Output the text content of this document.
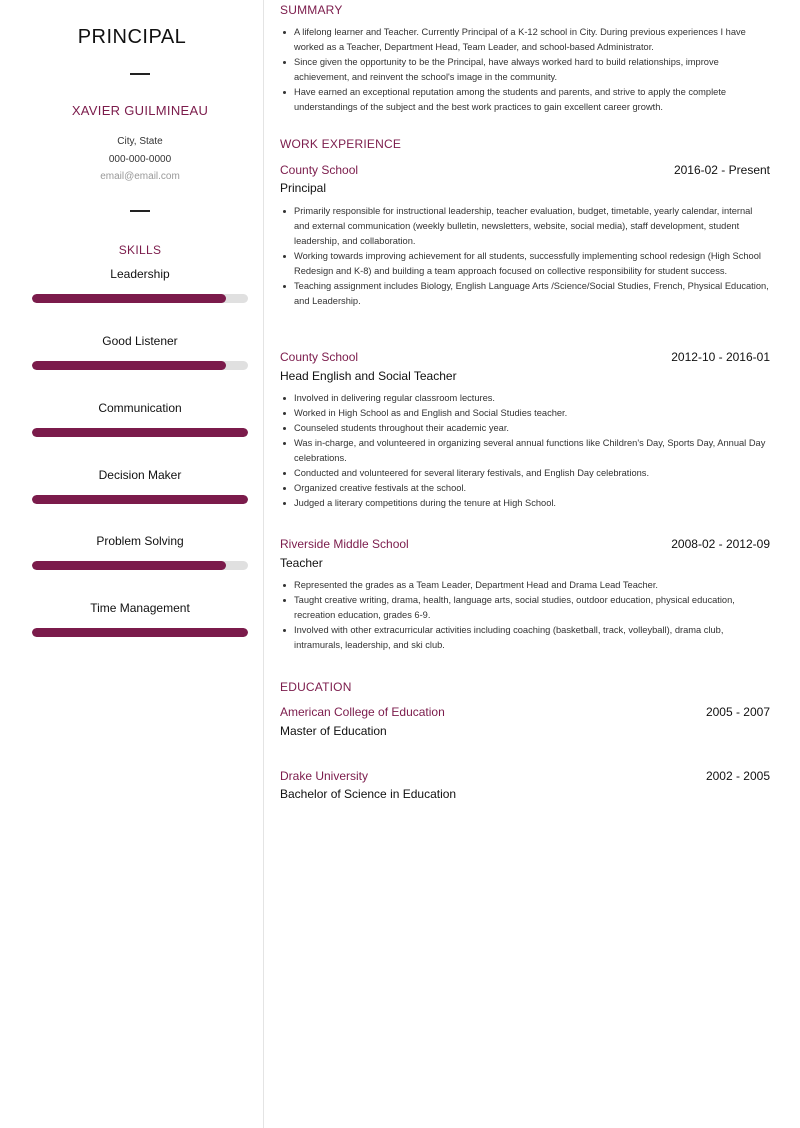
PRINCIPAL
XAVIER GUILMINEAU
City, State
000-000-0000
email@email.com
SKILLS
Leadership
Good Listener
Communication
Decision Maker
Problem Solving
Time Management
SUMMARY
A lifelong learner and Teacher. Currently Principal of a K-12 school in City. During previous experiences I have worked as a Teacher, Department Head, Team Leader, and school-based Administrator.
Since given the opportunity to be the Principal, have always worked hard to build relationships, improve achievement, and reinvent the school's image in the community.
Have earned an exceptional reputation among the students and parents, and strive to apply the complete understandings of the subject and the best work practices to gain excellent career growth.
WORK EXPERIENCE
County School	2016-02 - Present
Principal
Primarily responsible for instructional leadership, teacher evaluation, budget, timetable, yearly calendar, internal and external communication (weekly bulletin, newsletters, website, social media), staff development, student leadership, and collaboration.
Working towards improving achievement for all students, successfully implementing school redesign (High School Redesign and K-8) and building a team approach focused on collective responsibility for student success.
Teaching assignment includes Biology, English Language Arts /Science/Social Studies, French, Physical Education, and Leadership.
County School	2012-10 - 2016-01
Head English and Social Teacher
Involved in delivering regular classroom lectures.
Worked in High School as and English and Social Studies teacher.
Counseled students throughout their academic year.
Was in-charge, and volunteered in organizing several annual functions like Children's Day, Sports Day, Annual Day celebrations.
Conducted and volunteered for several literary festivals, and English Day celebrations.
Organized creative festivals at the school.
Judged a literary competitions during the tenure at High School.
Riverside Middle School	2008-02 - 2012-09
Teacher
Represented the grades as a Team Leader, Department Head and Drama Lead Teacher.
Taught creative writing, drama, health, language arts, social studies, outdoor education, physical education, recreation education, grades 6-9.
Involved with other extracurricular activities including coaching (basketball, track, volleyball), drama club, intramurals, leadership, and ski club.
EDUCATION
American College of Education	2005 - 2007
Master of Education
Drake University	2002 - 2005
Bachelor of Science in Education
